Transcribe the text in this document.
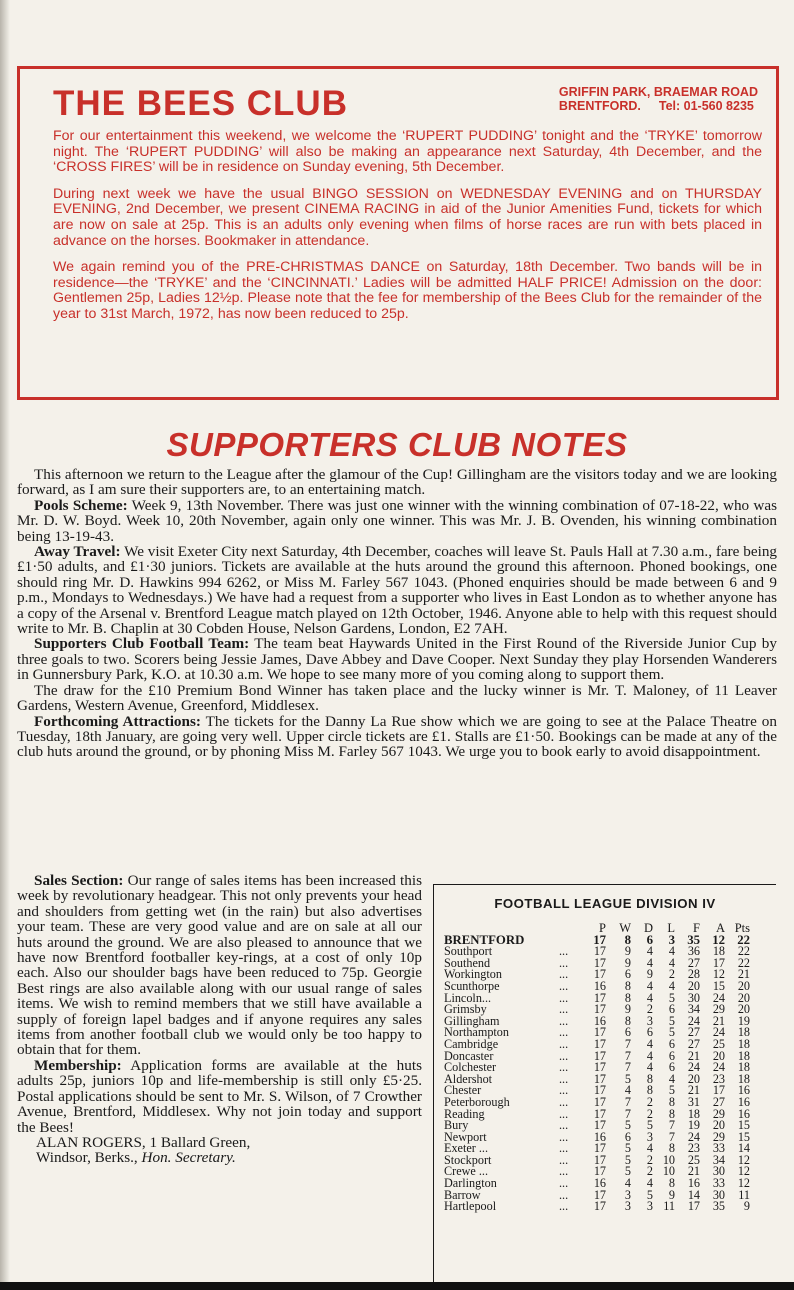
THE BEES CLUB	GRIFFIN PARK, BRAEMAR ROAD
BRENTFORD. Tel: 01-560 8235

For our entertainment this weekend, we welcome the ‘RUPERT PUDDING’ tonight and the ‘TRYKE’ tomorrow night. The ‘RUPERT PUDDING’ will also be making an appearance next Saturday, 4th December, and the ‘CROSS FIRES’ will be in residence on Sunday evening, 5th December.

During next week we have the usual BINGO SESSION on WEDNESDAY EVENING and on THURSDAY EVENING, 2nd December, we present CINEMA RACING in aid of the Junior Amenities Fund, tickets for which are now on sale at 25p. This is an adults only evening when films of horse races are run with bets placed in advance on the horses. Bookmaker in attendance.

We again remind you of the PRE-CHRISTMAS DANCE on Saturday, 18th December. Two bands will be in residence—the ‘TRYKE’ and the ‘CINCINNATI.’ Ladies will be admitted HALF PRICE! Admission on the door: Gentlemen 25p, Ladies 12½p. Please note that the fee for membership of the Bees Club for the remainder of the year to 31st March, 1972, has now been reduced to 25p.

SUPPORTERS CLUB NOTES

This afternoon we return to the League after the glamour of the Cup! Gillingham are the visitors today and we are looking forward, as I am sure their supporters are, to an entertaining match.

Pools Scheme: Week 9, 13th November. There was just one winner with the winning combination of 07-18-22, who was Mr. D. W. Boyd. Week 10, 20th November, again only one winner. This was Mr. J. B. Ovenden, his winning combination being 13-19-43.

Away Travel: We visit Exeter City next Saturday, 4th December, coaches will leave St. Pauls Hall at 7.30 a.m., fare being £1·50 adults, and £1·30 juniors. Tickets are available at the huts around the ground this afternoon. Phoned bookings, one should ring Mr. D. Hawkins 994 6262, or Miss M. Farley 567 1043. (Phoned enquiries should be made between 6 and 9 p.m., Mondays to Wednesdays.) We have had a request from a supporter who lives in East London as to whether anyone has a copy of the Arsenal v. Brentford League match played on 12th October, 1946. Anyone able to help with this request should write to Mr. B. Chaplin at 30 Cobden House, Nelson Gardens, London, E2 7AH.

Supporters Club Football Team: The team beat Haywards United in the First Round of the Riverside Junior Cup by three goals to two. Scorers being Jessie James, Dave Abbey and Dave Cooper. Next Sunday they play Horsenden Wanderers in Gunnersbury Park, K.O. at 10.30 a.m. We hope to see many more of you coming along to support them.

The draw for the £10 Premium Bond Winner has taken place and the lucky winner is Mr. T. Maloney, of 11 Leaver Gardens, Western Avenue, Greenford, Middlesex.

Forthcoming Attractions: The tickets for the Danny La Rue show which we are going to see at the Palace Theatre on Tuesday, 18th January, are going very well. Upper circle tickets are £1. Stalls are £1·50. Bookings can be made at any of the club huts around the ground, or by phoning Miss M. Farley 567 1043. We urge you to book early to avoid disappointment.

Sales Section: Our range of sales items has been increased this week by revolutionary headgear. This not only prevents your head and shoulders from getting wet (in the rain) but also advertises your team. These are very good value and are on sale at all our huts around the ground. We are also pleased to announce that we have now Brentford footballer key-rings, at a cost of only 10p each. Also our shoulder bags have been reduced to 75p. Georgie Best rings are also available along with our usual range of sales items. We wish to remind members that we still have available a supply of foreign lapel badges and if anyone requires any sales items from another football club we would only be too happy to obtain that for them.

Membership: Application forms are available at the huts adults 25p, juniors 10p and life-membership is still only £5·25. Postal applications should be sent to Mr. S. Wilson, of 7 Crowther Avenue, Brentford, Middlesex. Why not join today and support the Bees!

ALAN ROGERS, 1 Ballard Green,
Windsor, Berks., Hon. Secretary.

FOOTBALL LEAGUE DIVISION IV
		P	W	D	L	F	A	Pts
BRENTFORD		17	8	6	3	35	12	22
Southport	...	17	9	4	4	36	18	22
Southend	...	17	9	4	4	27	17	22
Workington	...	17	6	9	2	28	12	21
Scunthorpe	...	16	8	4	4	20	15	20
Lincoln...	...	17	8	4	5	30	24	20
Grimsby	...	17	9	2	6	34	29	20
Gillingham	...	16	8	3	5	24	21	19
Northampton	...	17	6	6	5	27	24	18
Cambridge	...	17	7	4	6	27	25	18
Doncaster	...	17	7	4	6	21	20	18
Colchester	...	17	7	4	6	24	24	18
Aldershot	...	17	5	8	4	20	23	18
Chester	...	17	4	8	5	21	17	16
Peterborough	...	17	7	2	8	31	27	16
Reading	...	17	7	2	8	18	29	16
Bury	...	17	5	5	7	19	20	15
Newport	...	16	6	3	7	24	29	15
Exeter ...	...	17	5	4	8	23	33	14
Stockport	...	17	5	2	10	25	34	12
Crewe ...	...	17	5	2	10	21	30	12
Darlington	...	16	4	4	8	16	33	12
Barrow	...	17	3	5	9	14	30	11
Hartlepool	...	17	3	3	11	17	35	9
